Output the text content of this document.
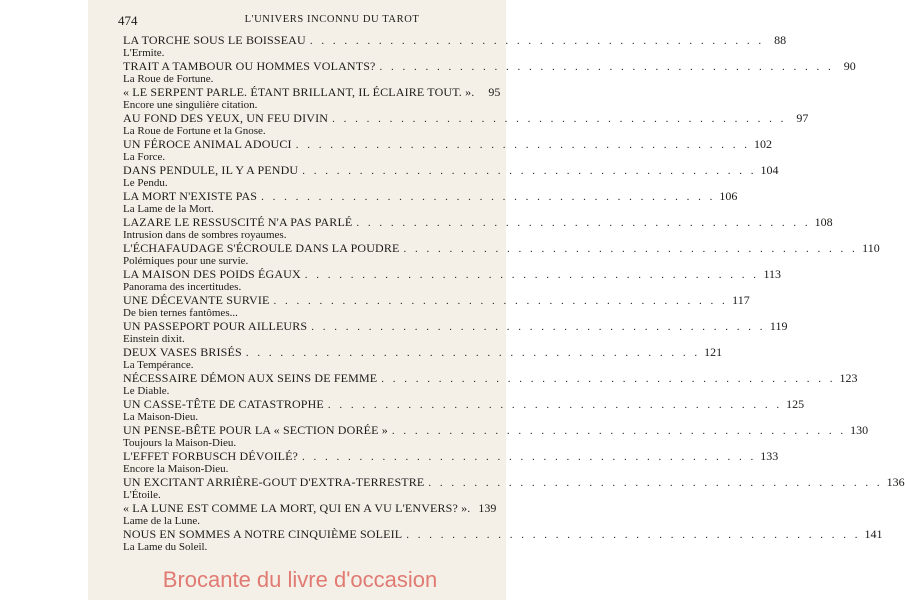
474	L'UNIVERS INCONNU DU TAROT
LA TORCHE SOUS LE BOISSEAU . . . . . . . . . . . . . . . . . . . . . . . . . . . . . . . . . . . . . . . . 88
L'Ermite.
TRAIT A TAMBOUR OU HOMMES VOLANTS? . . . . . . . . . . . . . . . . . . . . . . . . . . . . . . . . . . . . . . . . 90
La Roue de Fortune.
« LE SERPENT PARLE. ÉTANT BRILLANT, IL ÉCLAIRE TOUT. ».	95
Encore une singulière citation.
AU FOND DES YEUX, UN FEU DIVIN . . . . . . . . . . . . . . . . . . . . . . . . . . . . . . . . . . . . . . . . 97
La Roue de Fortune et la Gnose.
UN FÉROCE ANIMAL ADOUCI . . . . . . . . . . . . . . . . . . . . . . . . . . . . . . . . . . . . . . . . 102
La Force.
DANS PENDULE, IL Y A PENDU . . . . . . . . . . . . . . . . . . . . . . . . . . . . . . . . . . . . . . . . 104
Le Pendu.
LA MORT N'EXISTE PAS . . . . . . . . . . . . . . . . . . . . . . . . . . . . . . . . . . . . . . . . 106
La Lame de la Mort.
LAZARE LE RESSUSCITÉ N'A PAS PARLÉ . . . . . . . . . . . . . . . . . . . . . . . . . . . . . . . . . . . . . . . . 108
Intrusion dans de sombres royaumes.
L'ÉCHAFAUDAGE S'ÉCROULE DANS LA POUDRE . . . . . . . . . . . . . . . . . . . . . . . . . . . . . . . . . . . . . . . . 110
Polémiques pour une survie.
LA MAISON DES POIDS ÉGAUX . . . . . . . . . . . . . . . . . . . . . . . . . . . . . . . . . . . . . . . . 113
Panorama des incertitudes.
UNE DÉCEVANTE SURVIE . . . . . . . . . . . . . . . . . . . . . . . . . . . . . . . . . . . . . . . . 117
De bien ternes fantômes...
UN PASSEPORT POUR AILLEURS . . . . . . . . . . . . . . . . . . . . . . . . . . . . . . . . . . . . . . . . 119
Einstein dixit.
DEUX VASES BRISÉS . . . . . . . . . . . . . . . . . . . . . . . . . . . . . . . . . . . . . . . . 121
La Tempérance.
NÉCESSAIRE DÉMON AUX SEINS DE FEMME . . . . . . . . . . . . . . . . . . . . . . . . . . . . . . . . . . . . . . . . 123
Le Diable.
UN CASSE-TÊTE DE CATASTROPHE . . . . . . . . . . . . . . . . . . . . . . . . . . . . . . . . . . . . . . . . 125
La Maison-Dieu.
UN PENSE-BÊTE POUR LA « SECTION DORÉE » . . . . . . . . . . . . . . . . . . . . . . . . . . . . . . . . . . . . . . . . 130
Toujours la Maison-Dieu.
L'EFFET FORBUSCH DÉVOILÉ? . . . . . . . . . . . . . . . . . . . . . . . . . . . . . . . . . . . . . . . . 133
Encore la Maison-Dieu.
UN EXCITANT ARRIÈRE-GOUT D'EXTRA-TERRESTRE . . . . . . . . . . . . . . . . . . . . . . . . . . . . . . . . . . . . . . . . 136
L'Étoile.
« LA LUNE EST COMME LA MORT, QUI EN A VU L'ENVERS? ». 139
Lame de la Lune.
NOUS EN SOMMES A NOTRE CINQUIÈME SOLEIL . . . . . . . . . . . . . . . . . . . . . . . . . . . . . . . . . . . . . . . . 141
La Lame du Soleil.
Brocante du livre d'occasion
